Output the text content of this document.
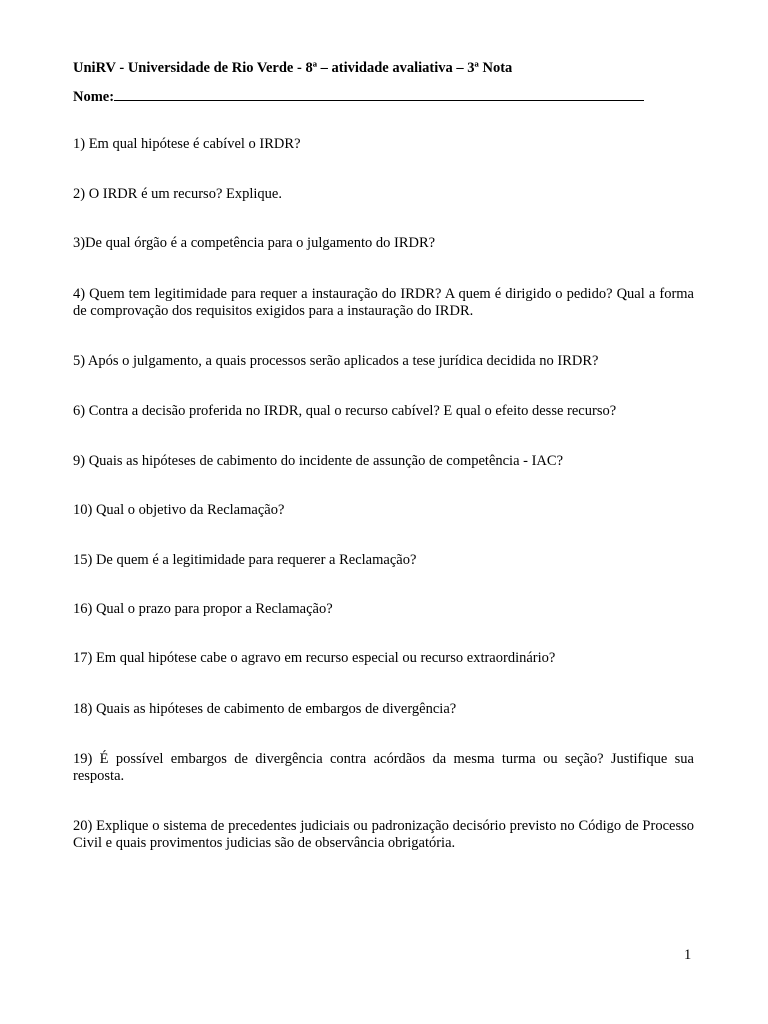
UniRV - Universidade de Rio Verde - 8ª – atividade avaliativa – 3ª Nota
Nome:
1) Em qual hipótese é cabível o IRDR?
2) O IRDR é um recurso? Explique.
3)De qual órgão é a competência para o julgamento do IRDR?
4) Quem tem legitimidade para requer a instauração do IRDR? A quem é dirigido o pedido? Qual a forma de comprovação dos requisitos exigidos para a instauração do IRDR.
5) Após o julgamento, a quais processos serão aplicados a tese jurídica decidida no IRDR?
6) Contra a decisão proferida no IRDR, qual o recurso cabível? E qual o efeito desse recurso?
9) Quais as hipóteses de cabimento do incidente de assunção de competência - IAC?
10) Qual o objetivo da Reclamação?
15) De quem é a legitimidade para requerer a Reclamação?
16) Qual o prazo para propor a Reclamação?
17) Em qual hipótese cabe o agravo em recurso especial ou recurso extraordinário?
18) Quais as hipóteses de cabimento de embargos de divergência?
19) É possível embargos de divergência contra acórdãos da mesma turma ou seção? Justifique sua resposta.
20) Explique o sistema de precedentes judiciais ou padronização decisório previsto no Código de Processo Civil e quais provimentos judicias são de observância obrigatória.
1
